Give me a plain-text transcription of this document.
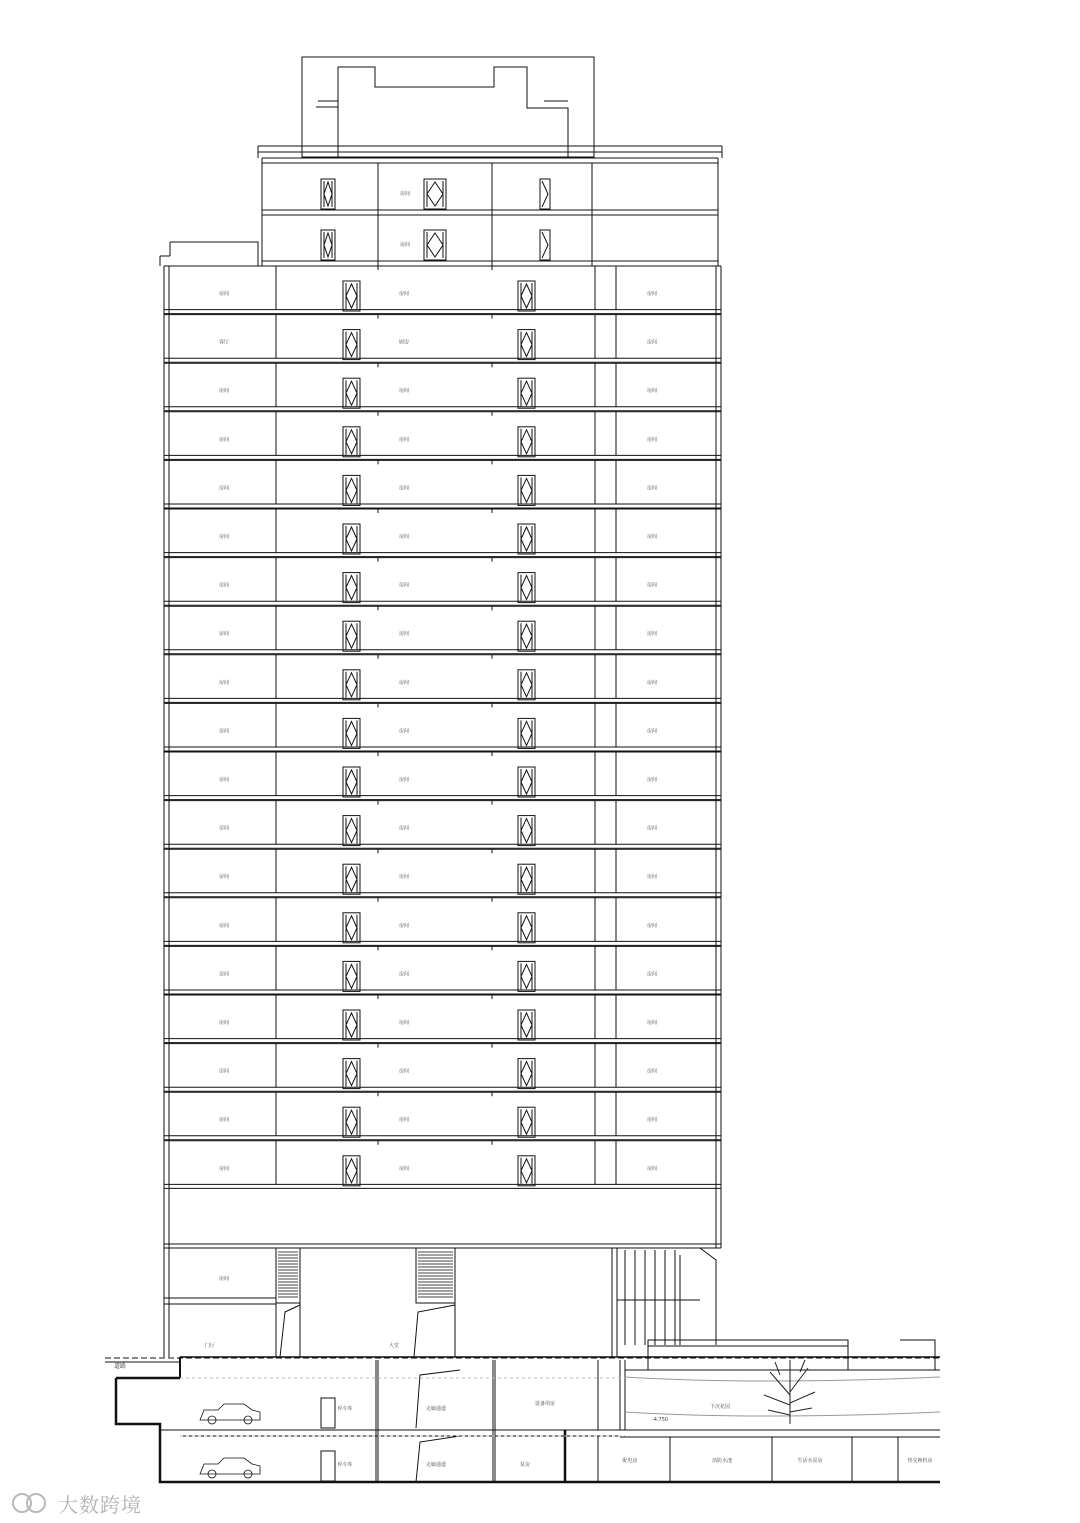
房间
房间
房间	房间	房间
客厅	厨房	房间
房间	房间	房间
房间	房间	房间
房间	房间	房间
房间	房间	房间
房间	房间	房间
房间	房间	房间
房间	房间	房间
房间	房间	房间
房间	房间	房间
房间	房间	房间
房间	房间	房间
房间	房间	房间
房间	房间	房间
房间	房间	房间
房间	房间	房间
房间	房间	房间
房间	房间	房间
房间
门厅	大堂
道路
停车库	走廊通道
设备用房	下沉花园
-4.750
停车库	走廊通道	泵房
配电房	消防水池	生活水泵房	热交换机房
大数跨境
